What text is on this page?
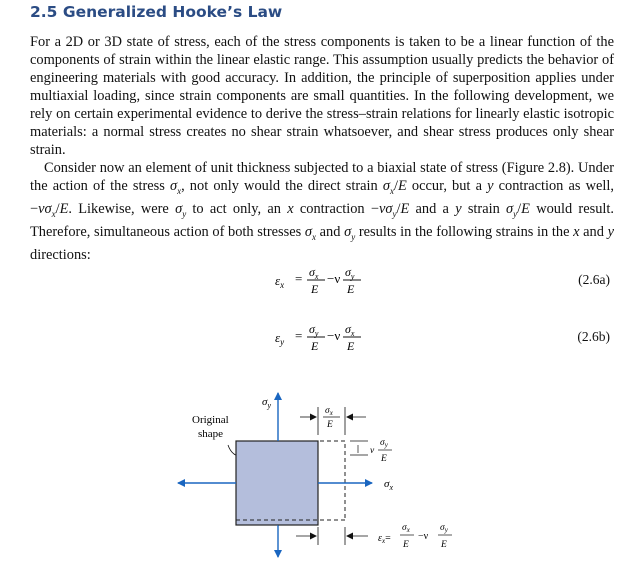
2.5 Generalized Hooke’s Law

For a 2D or 3D state of stress, each of the stress components is taken to be a linear function of the components of strain within the linear elastic range. This assumption usually predicts the behavior of engineering materials with good accuracy. In addition, the principle of superposition applies under multiaxial loading, since strain components are small quantities. In the following development, we rely on certain experimental evidence to derive the stress–strain relations for linearly elastic isotropic materials: a normal stress creates no shear strain whatsoever, and shear stress produces only shear strain.

Consider now an element of unit thickness subjected to a biaxial state of stress (Figure 2.8). Under the action of the stress $\sigma_x$, not only would the direct strain $\sigma_x/E$ occur, but a y contraction as well, $-\nu\sigma_x/E$. Likewise, were $\sigma_y$ to act only, an x contraction $-\nu\sigma_y/E$ and a y strain $\sigma_y/E$ would result. Therefore, simultaneous action of both stresses $\sigma_x$ and $\sigma_y$ results in the following strains in the x and y directions:

$\varepsilon_x = \sigma_x$
E
−ν $\sigma_y$
E
(2.6a)
$\varepsilon_y = \sigma_y$
E
−ν $\sigma_x$
E
(2.6b)
Original
shape
$\sigma_y$
$\sigma_x$
$\sigma_x$
E
ν
$\sigma_y$
E
$\varepsilon_x=$
$\sigma_x$
E
−ν
$\sigma_y$
E
